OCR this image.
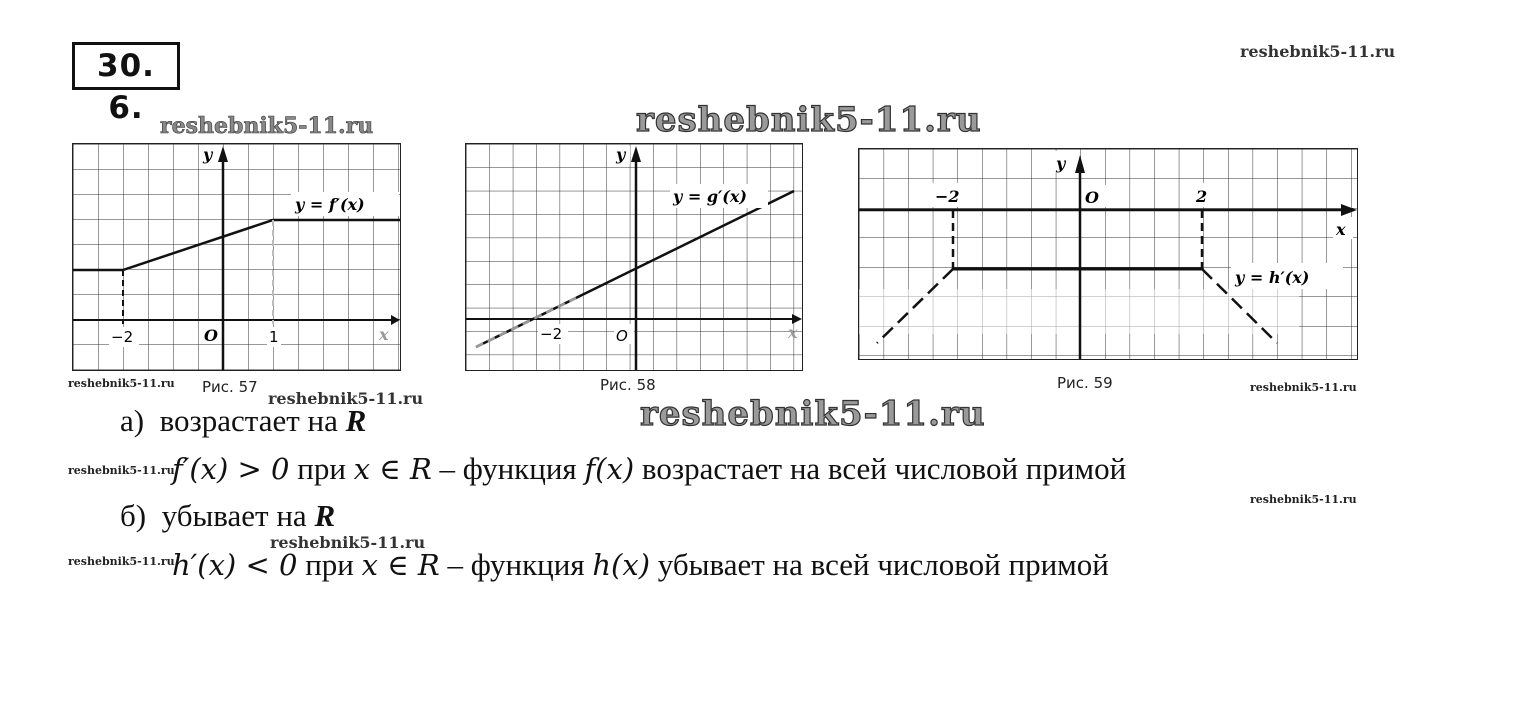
30. 6.
reshebnik5-11.ru
reshebnik5-11.ru	reshebnik5-11.ru
reshebnik5-11.ru
reshebnik5-11.ru	reshebnik5-11.ru
reshebnik5-11.ru
reshebnik5-11.ru
reshebnik5-11.ru
reshebnik5-11.ru
reshebnik5-11.ru
y = f′(x)
y
x
O
−2	1
Рис. 57
y = g′(x)
y
x
O
−2
Рис. 58
−2	2
O
y
x
y = h′(x)
Рис. 59
а) возрастает на R
f′(x) > 0 при x ∈ R – функция f(x) возрастает на всей числовой примой
б) убывает на R
h′(x) < 0 при x ∈ R – функция h(x) убывает на всей числовой примой
